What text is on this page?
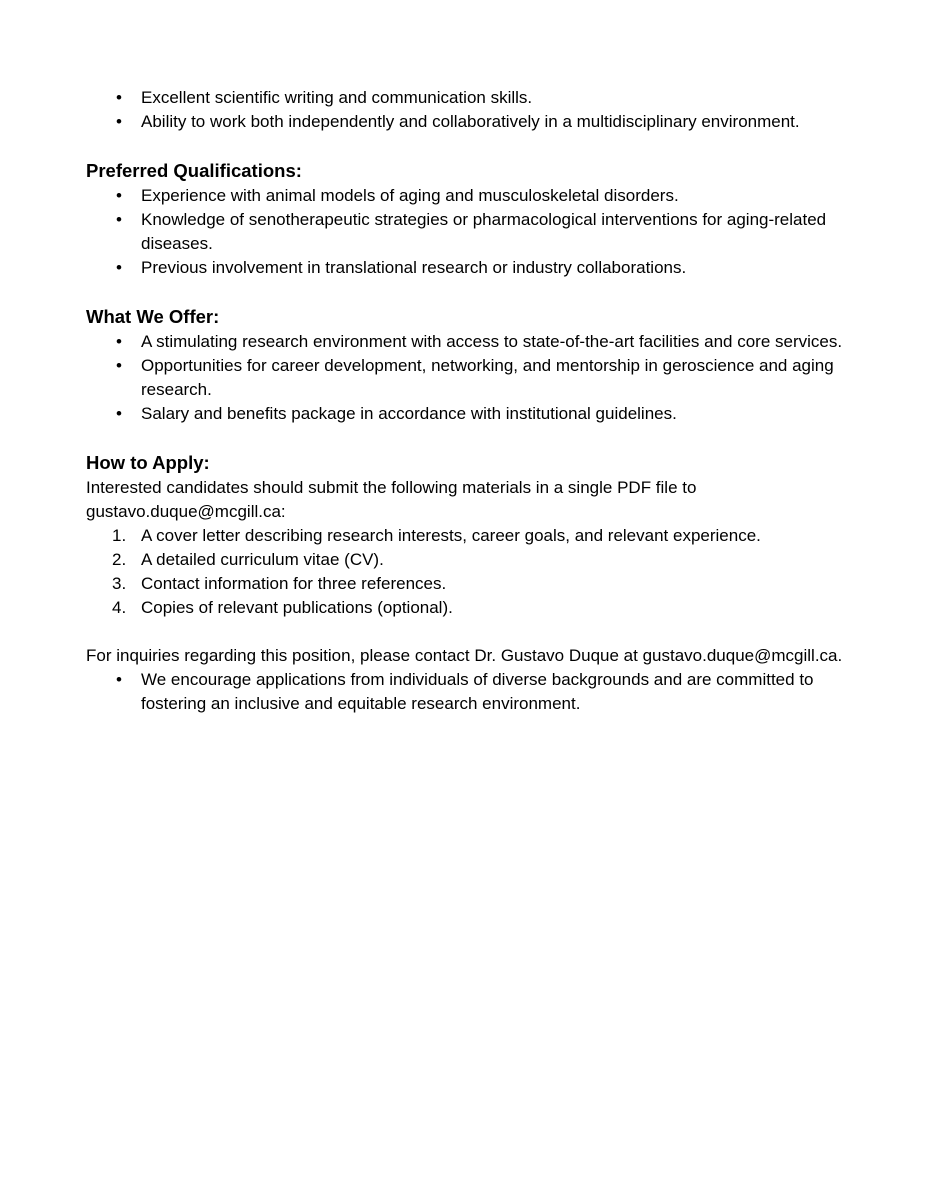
• Excellent scientific writing and communication skills.
• Ability to work both independently and collaboratively in a multidisciplinary environment.
Preferred Qualifications:
• Experience with animal models of aging and musculoskeletal disorders.
• Knowledge of senotherapeutic strategies or pharmacological interventions for aging-related diseases.
• Previous involvement in translational research or industry collaborations.
What We Offer:
• A stimulating research environment with access to state-of-the-art facilities and core services.
• Opportunities for career development, networking, and mentorship in geroscience and aging research.
• Salary and benefits package in accordance with institutional guidelines.
How to Apply:

Interested candidates should submit the following materials in a single PDF file to gustavo.duque@mcgill.ca:

1. A cover letter describing research interests, career goals, and relevant experience.
2. A detailed curriculum vitae (CV).
3. Contact information for three references.
4. Copies of relevant publications (optional).

For inquiries regarding this position, please contact Dr. Gustavo Duque at gustavo.duque@mcgill.ca.

• We encourage applications from individuals of diverse backgrounds and are committed to fostering an inclusive and equitable research environment.
